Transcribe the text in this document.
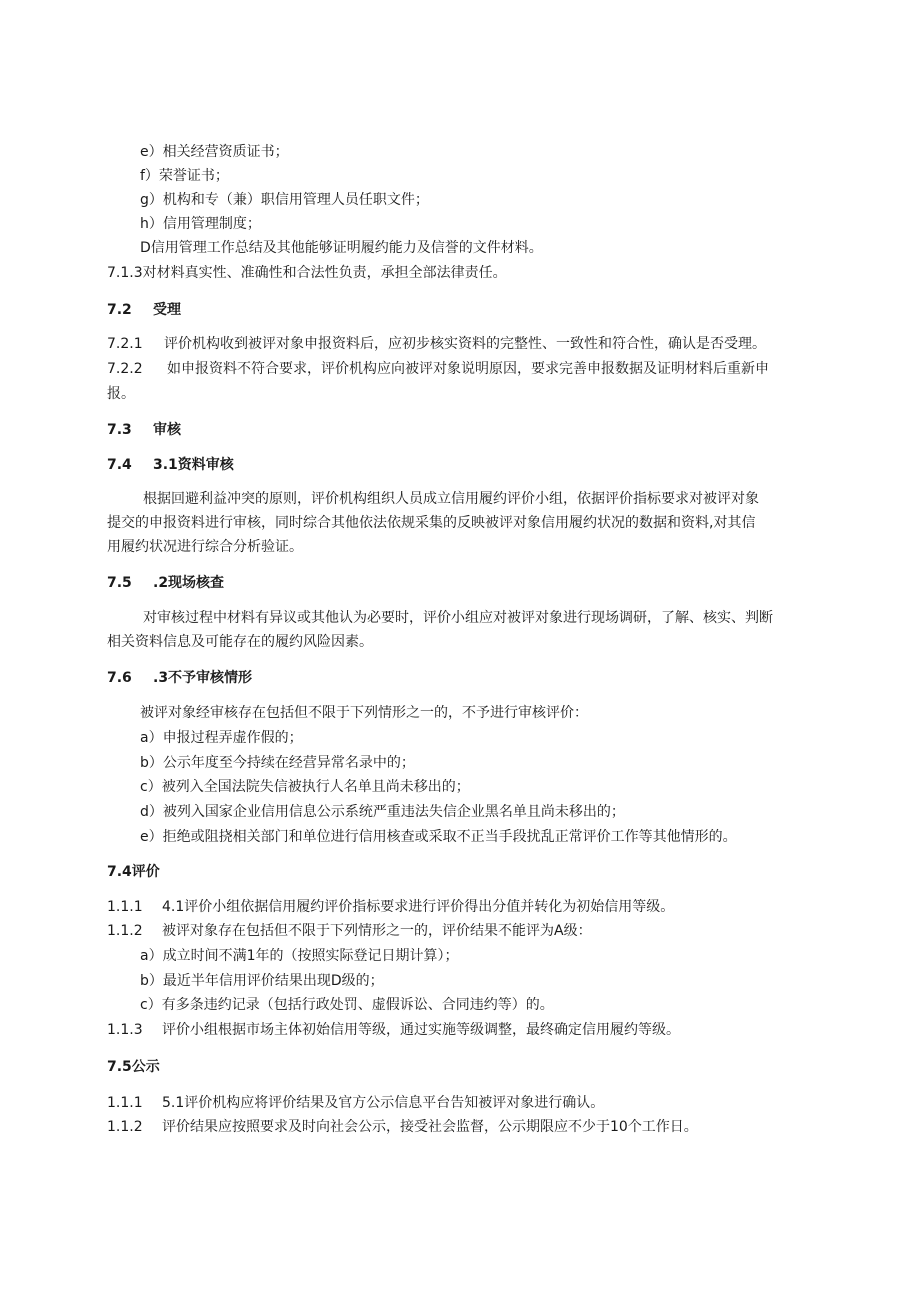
e）相关经营资质证书；
f）荣誉证书；
g）机构和专（兼）职信用管理人员任职文件；
h）信用管理制度；
D信用管理工作总结及其他能够证明履约能力及信誉的文件材料。
7.1.3对材料真实性、准确性和合法性负责，承担全部法律责任。
7.2 受理
7.2.1 评价机构收到被评对象申报资料后，应初步核实资料的完整性、一致性和符合性，确认是否受理。
7.2.2 如申报资料不符合要求，评价机构应向被评对象说明原因，要求完善申报数据及证明材料后重新申
报。
7.3 审核
7.4 3.1资料审核
根据回避利益冲突的原则，评价机构组织人员成立信用履约评价小组，依据评价指标要求对被评对象
提交的申报资料进行审核，同时综合其他依法依规采集的反映被评对象信用履约状况的数据和资料,对其信
用履约状况进行综合分析验证。
7.5 .2现场核查
对审核过程中材料有异议或其他认为必要时，评价小组应对被评对象进行现场调研，了解、核实、判断
相关资料信息及可能存在的履约风险因素。
7.6 .3不予审核情形
被评对象经审核存在包括但不限于下列情形之一的，不予进行审核评价：
a）申报过程弄虚作假的；
b）公示年度至今持续在经营异常名录中的；
c）被列入全国法院失信被执行人名单且尚未移出的；
d）被列入国家企业信用信息公示系统严重违法失信企业黑名单且尚未移出的；
e）拒绝或阻挠相关部门和单位进行信用核查或采取不正当手段扰乱正常评价工作等其他情形的。
7.4评价
1.1.1 4.1评价小组依据信用履约评价指标要求进行评价得出分值并转化为初始信用等级。
1.1.2 被评对象存在包括但不限于下列情形之一的，评价结果不能评为A级：
a）成立时间不满1年的（按照实际登记日期计算）；
b）最近半年信用评价结果出现D级的；
c）有多条违约记录（包括行政处罚、虚假诉讼、合同违约等）的。
1.1.3 评价小组根据市场主体初始信用等级，通过实施等级调整，最终确定信用履约等级。
7.5公示
1.1.1 5.1评价机构应将评价结果及官方公示信息平台告知被评对象进行确认。
1.1.2 评价结果应按照要求及时向社会公示，接受社会监督，公示期限应不少于10个工作日。
